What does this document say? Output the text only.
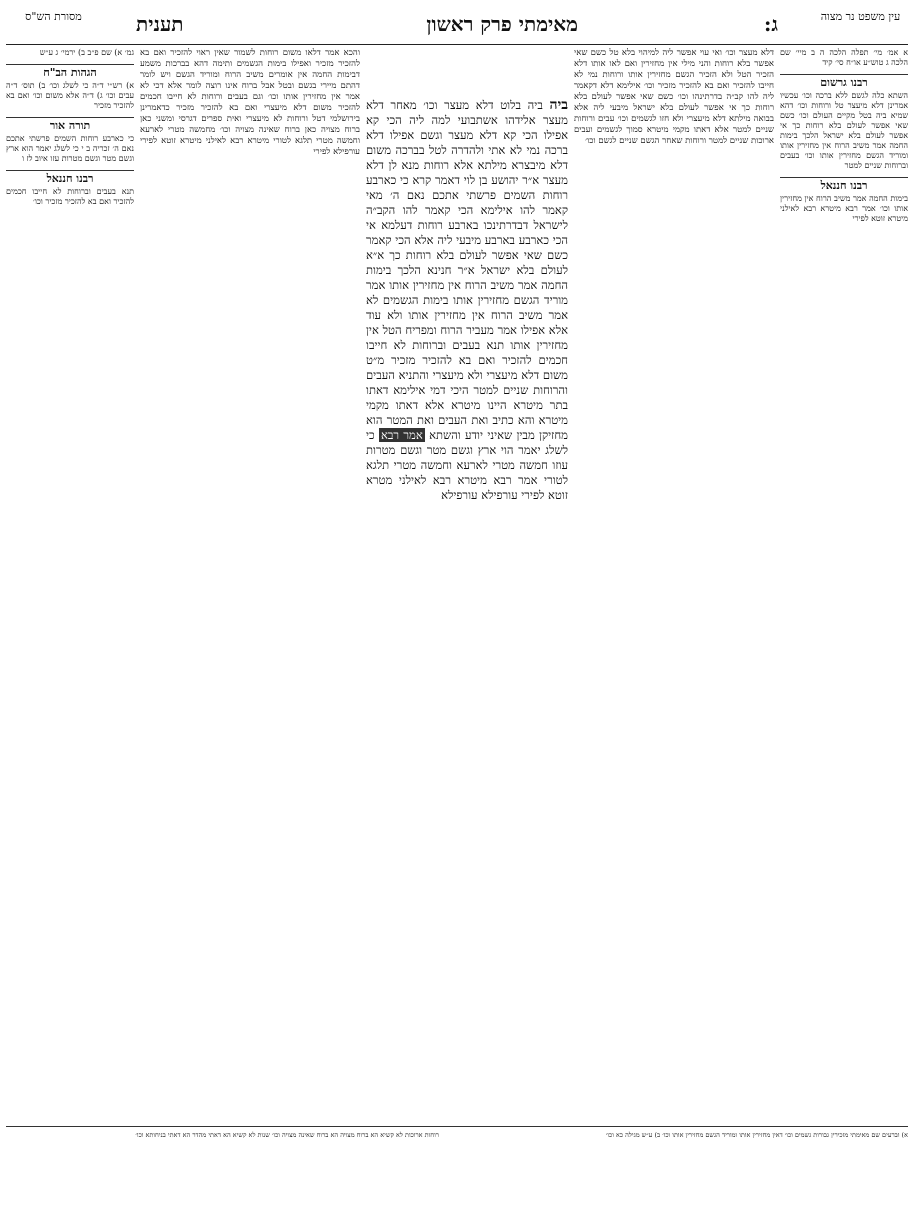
עין משפט נר מצוה
ג:
מאימתי פרק ראשון
תענית
מסורת הש"ס
א אמ׳ מי׳ תפלה הלכה ה ב מיי׳ שם הלכה ג טוש״ע או״ח סי׳ קיד
רבנו גרשום
השתא כלה לגשם ללא ברכה וכו׳ עכשיו אמרינן דלא מיעצר טל ורוחות וכו׳ דהא שמיא ביה בטל מקיים העולם וכו׳ כשם שאי אפשר לעולם בלא רוחות כך אי אפשר לעולם בלא ישראל הלכך בימות החמה אמר משיב הרוח אין מחזירין אותו ומוריד הגשם מחזירין אותו וכו׳ בעבים וברוחות שניים למטר
רבנו חננאל
בימות החמה אמר משיב הרוח אין מחזירין אותו וכו׳ אמר רבא מיטרא רבא לאילני מיטרא זוטא לפירי
דלא מעצר וכו׳ ואי עוי אפשר ליה למיהוי בלא טל כשם שאי אפשר בלא רוחות והני מילי אין מחזירין ואם לאו אותו דלא הזכיר הטל ולא הזכיר הגשם מחזירין אותו ורוחות נמי לא חייבו להזכיר ואם בא להזכיר מזכיר וכו׳ אילימא דלא דקאמר ליה להו קב״ה בדרתינהו וכו׳ כשם שאי אפשר לעולם בלא רוחות כך אי אפשר לעולם בלא ישראל מיבעי ליה אלא בבואה מילתא דלא מיעצרי ולא חזו לגשמים וכו׳ עבים ורוחות שניים למטר אלא דאתו מקמי מיטרא סמוך לגשמים ועבים ארוכות שניים למטר ורוחות שאחר הגשם שניים לגשם וכו׳
ביה ביה בלוט דלא מעצר וכו׳ מאחר דלא מעצר אלידהו אשתבועי למה ליה הכי קא אפילו הכי קא דלא מעצר וגשם אפילו דלא ברכה נמי לא אתי ולהדרה לטל בברכה משום דלא מיבצרא מילתא אלא רוחות מנא לן דלא מעצר א״ר יהושע בן לוי דאמר קרא כי כארבע רוחות השמים פרשתי אתכם נאם ה׳ מאי קאמר להו אילימא הכי קאמר להו הקב״ה לישראל דבדרתינכו בארבע רוחות דעלמא אי הכי כארבע בארבע מיבעי ליה אלא הכי קאמר כשם שאי אפשר לעולם בלא רוחות כך א״א לעולם בלא ישראל א״ר חנינא הלכך בימות החמה אמר משיב הרוח אין מחזירין אותו אמר מוריד הגשם מחזירין אותו בימות הגשמים לא אמר משיב הרוח אין מחזירין אותו ולא עוד אלא אפילו אמר מעביר הרוח ומפריח הטל אין מחזירין אותו תנא בעבים וברוחות לא חייבו חכמים להזכיר ואם בא להזכיר מזכיר מ״ט משום דלא מיעצרי ולא מיעצרי והתניא העבים והרוחות שניים למטר היכי דמי אילימא דאתו בתר מיטרא היינו מיטרא אלא דאתו מקמי מיטרא והא כתיב ואת העבים ואת המטר הוא מחזיקן מבין שאיני יודע והשתא אמר רבא כי לשלג יאמר הוי ארץ וגשם מטר וגשם מטרות עוזו חמשה מטרי לארעא וחמשה מטרי תלגא לטורי אמר רבא מיטרא רבא לאילני מטרא זוטא לפירי עורפילא עורפילא
והכא אמר דלאו משום רוחות לשמור שאין ראוי להזכיר ואם בא להזכיר מזכיר ואפילו בימות הגשמים ותימה דהא בברכות משמע דבימות החמה אין אומרים משיב הרוח ומוריד הגשם ויש לומר דהתם מיירי בגשם ובטל אבל ברוח אינו רוצה לומר אלא דכי לא אמר אין מחזירין אותו וכו׳ וגם בעבים ורוחות לא חייבו חכמים להזכיר משום דלא מיעצרי ואם בא להזכיר מזכיר כדאמרינן בירושלמי דטל ורוחות לא מיעצרי ואית ספרים דגרסי ומשני כאן ברוח מצויה כאן ברוח שאינה מצויה וכו׳ מחמשה מטרי לארעא וחמשה מטרי תלגא לטורי מיטרא רבא לאילני מיטרא זוטא לפירי עורפילא לפירי
גמ׳ א) שם פ״ב ב) ירמי׳ ג ע״ש
הגהות הב"ח
א) רש״י ד״ה כי לשלג וכו׳ ב) תוס׳ ד״ה עבים וכו׳ ג) ד״ה אלא משום וכו׳ ואם בא להזכיר מזכיר
תורה אור
כי כארבע רוחות השמים פרשתי אתכם נאם ה׳ זכריה ב י כי לשלג יאמר הוא ארץ וגשם מטר וגשם מטרות עזו איוב לז ו
רבנו חננאל
תנא בעבים וברוחות לא חייבו חכמים להזכיר ואם בא להזכיר מזכיר וכו׳
א) וברעים שם מאימתי מזכירין גבורות גשמים וכו׳ דאין מחזירין אותו ומוריד הגשם מחזירין אותו וכו׳ ב) ע״ש מגילה כא וכו׳
רוחות ארוכות לא קשיא הא ברוח מצויה הא ברוח שאינה מצויה וכו׳ שנות לא קשיא הא דאתי מהדר הא דאתי בניחותא וכו׳
